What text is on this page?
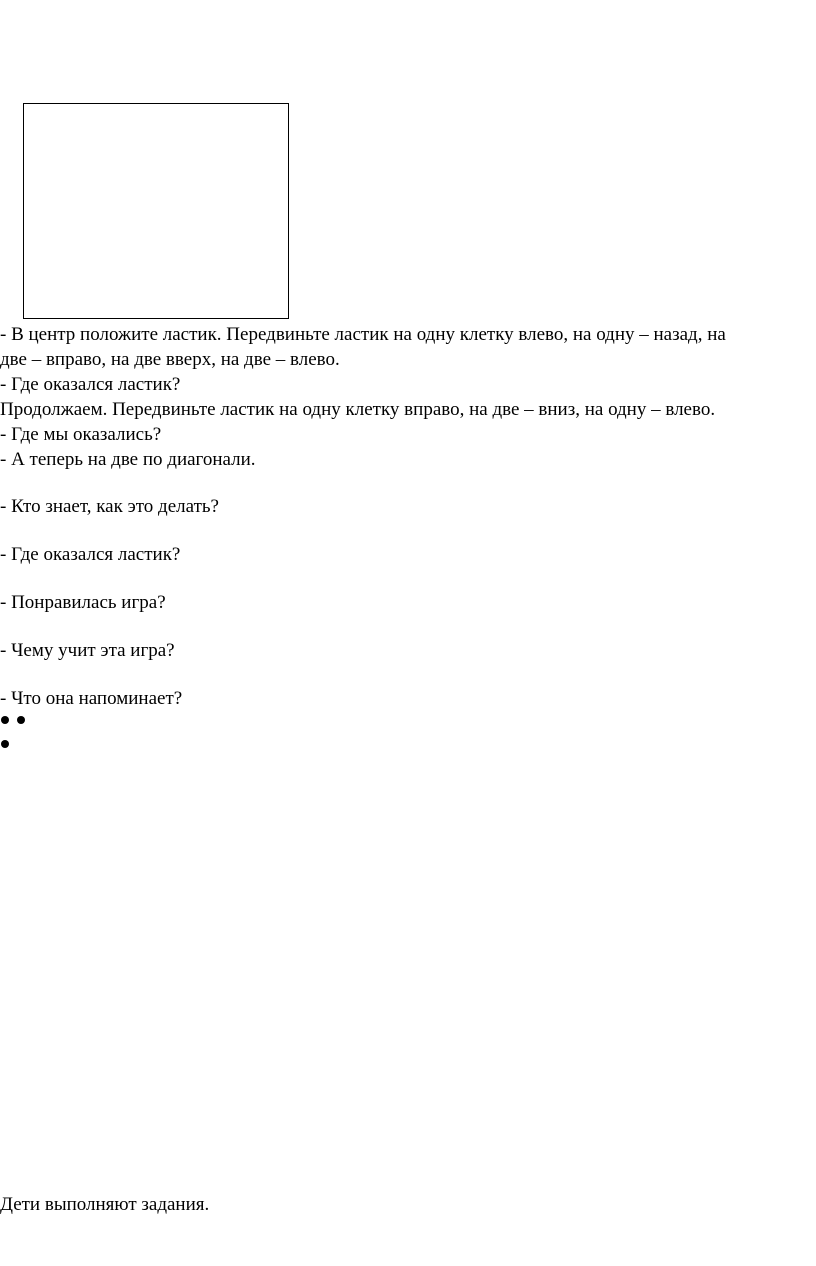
- В центр положите ластик. Передвиньте ластик на одну клетку влево, на одну – назад, на
две – вправо, на две вверх, на две – влево.
- Где оказался ластик?
Продолжаем. Передвиньте ластик на одну клетку вправо, на две – вниз, на одну – влево.
- Где мы оказались?
- А теперь на две по диагонали.
- Кто знает, как это делать?
- Где оказался ластик?
- Понравилась игра?
- Чему учит эта игра?
- Что она напоминает?
Дети выполняют задания.
